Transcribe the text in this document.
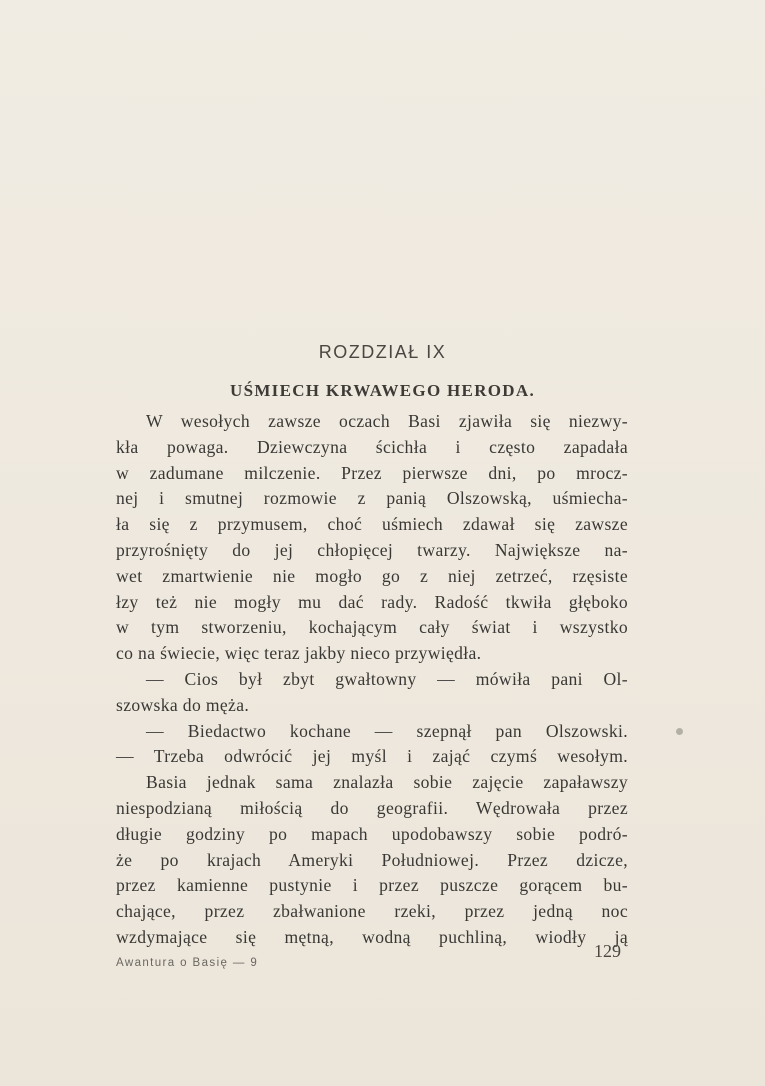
ROZDZIAŁ IX
UŚMIECH KRWAWEGO HERODA.
W wesołych zawsze oczach Basi zjawiła się niezwy-
kła powaga. Dziewczyna ścichła i często zapadała
w zadumane milczenie. Przez pierwsze dni, po mrocz-
nej i smutnej rozmowie z panią Olszowską, uśmiecha-
ła się z przymusem, choć uśmiech zdawał się zawsze
przyrośnięty do jej chłopięcej twarzy. Największe na-
wet zmartwienie nie mogło go z niej zetrzeć, rzęsiste
łzy też nie mogły mu dać rady. Radość tkwiła głęboko
w tym stworzeniu, kochającym cały świat i wszystko
co na świecie, więc teraz jakby nieco przywiędła.
— Cios był zbyt gwałtowny — mówiła pani Ol-
szowska do męża.
— Biedactwo kochane — szepnął pan Olszowski.
— Trzeba odwrócić jej myśl i zająć czymś wesołym.
Basia jednak sama znalazła sobie zajęcie zapaławszy
niespodzianą miłością do geografii. Wędrowała przez
długie godziny po mapach upodobawszy sobie podró-
że po krajach Ameryki Południowej. Przez dzicze,
przez kamienne pustynie i przez puszcze gorącem bu-
chające, przez zbałwanione rzeki, przez jedną noc
wzdymające się mętną, wodną puchliną, wiodły ją
Awantura o Basię — 9
129
